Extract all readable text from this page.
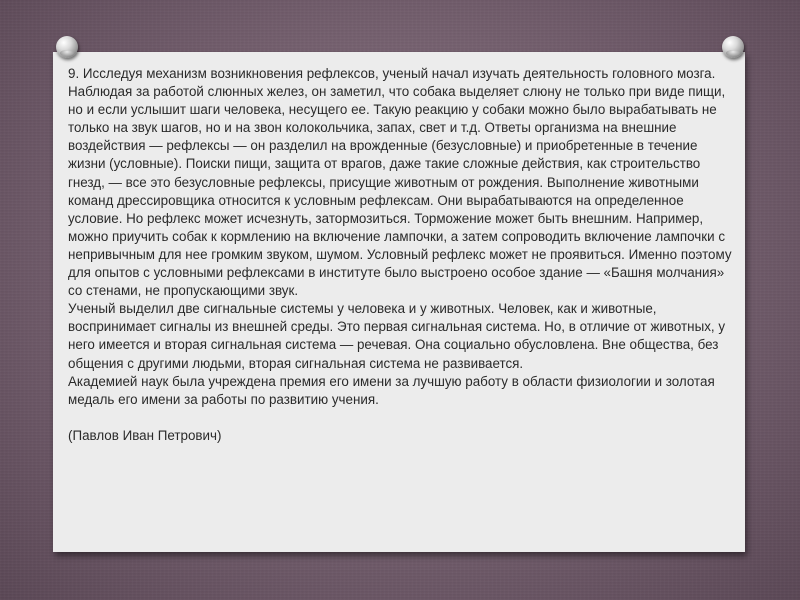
9. Исследуя механизм возникновения рефлексов, ученый начал изучать деятельность головного мозга. Наблюдая за работой слюнных желез, он заметил, что собака выделяет слюну не только при виде пищи, но и если услышит шаги человека, несущего ее. Такую реакцию у собаки можно было вырабатывать не только на звук шагов, но и на звон колокольчика, запах, свет и т.д. Ответы организма на внешние воздействия — рефлексы — он разделил на врожденные (безусловные) и приобретенные в течение жизни (условные). Поиски пищи, защита от врагов, даже такие сложные действия, как строительство гнезд, — все это безусловные рефлексы, присущие животным от рождения. Выполнение животными команд дрессировщика относится к условным рефлексам. Они вырабатываются на определенное условие. Но рефлекс может исчезнуть, затормозиться. Торможение может быть внешним. Например, можно приучить собак к кормлению на включение лампочки, а затем сопроводить включение лампочки с непривычным для нее громким звуком, шумом. Условный рефлекс может не проявиться. Именно поэтому для опытов с условными рефлексами в институте было выстроено особое здание — «Башня молчания» со стенами, не пропускающими звук.

Ученый выделил две сигнальные системы у человека и у животных. Человек, как и животные, воспринимает сигналы из внешней среды. Это первая сигнальная система. Но, в отличие от животных, у него имеется и вторая сигнальная система — речевая. Она социально обусловлена. Вне общества, без общения с другими людьми, вторая сигнальная система не развивается.

Академией наук была учреждена премия его имени за лучшую работу в области физиологии и золотая медаль его имени за работы по развитию учения.

(Павлов Иван Петрович)
